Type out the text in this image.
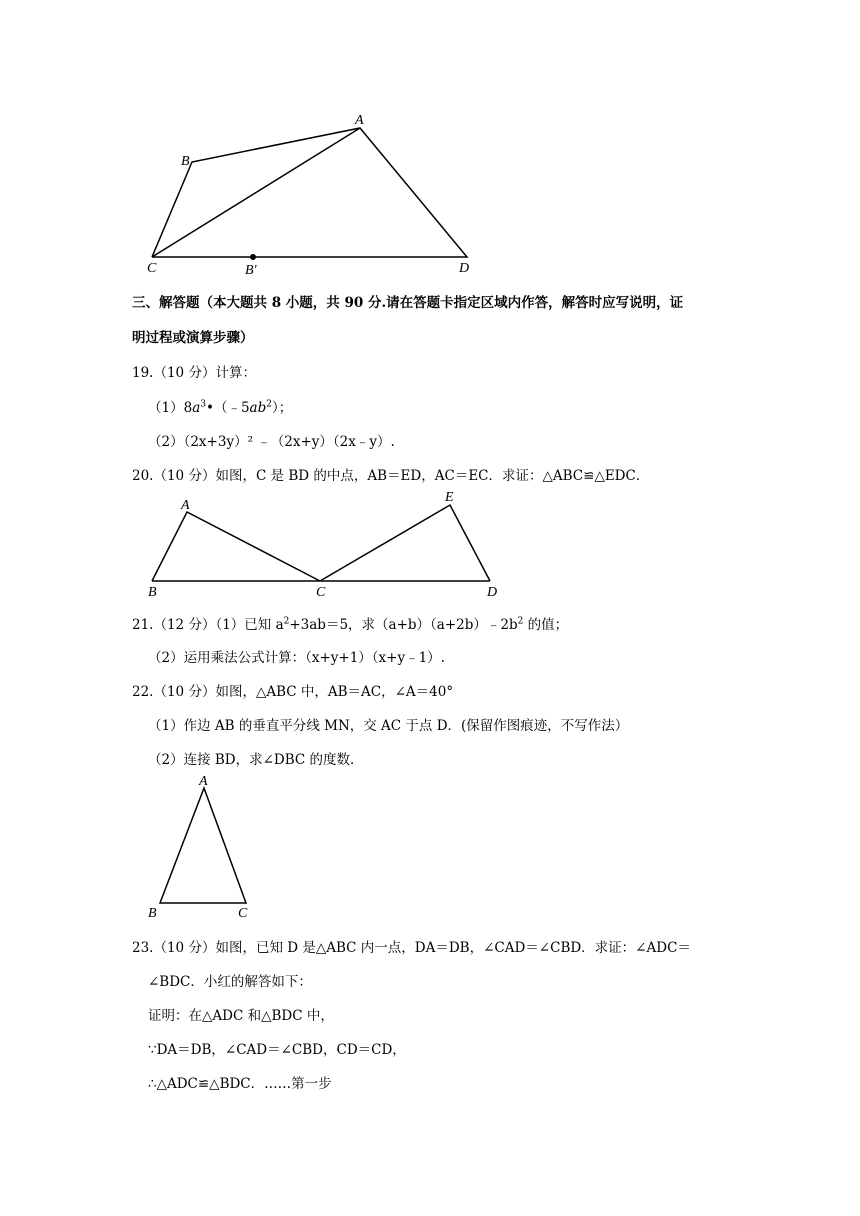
A
B
C	B′	D
三、解答题（本大题共 8 小题，共 90 分.请在答题卡指定区域内作答，解答时应写说明，证
明过程或演算步骤）
19.（10 分）计算：
$(1)8a^3•(﹣5ab^2)$；
（2）（2x+3y）² ﹣（2x+y）（2x﹣y）.
20.（10 分）如图，C 是 BD 的中点，AB＝ED，AC＝EC．求证：△ABC≌△EDC．
A
B	C	D
E
21.（12 分）（1）已知 $a^2+3ab=5$，求$(a+b)(a+2b)﹣2b^2$ 的值；
（2）运用乘法公式计算：（x+y+1）（x+y﹣1）.
22.（10 分）如图，△ABC 中，AB＝AC，∠A＝40°
（1）作边 AB 的垂直平分线 MN，交 AC 于点 D．(保留作图痕迹，不写作法）
（2）连接 BD，求∠DBC 的度数．
A
B	C
23.（10 分）如图，已知 D 是△ABC 内一点，DA＝DB，∠CAD＝∠CBD．求证：∠ADC＝
∠BDC．小红的解答如下：
证明：在△ADC 和△BDC 中，
∵DA＝DB，∠CAD＝∠CBD，CD＝CD，
∴△ADC≌△BDC．……第一步
